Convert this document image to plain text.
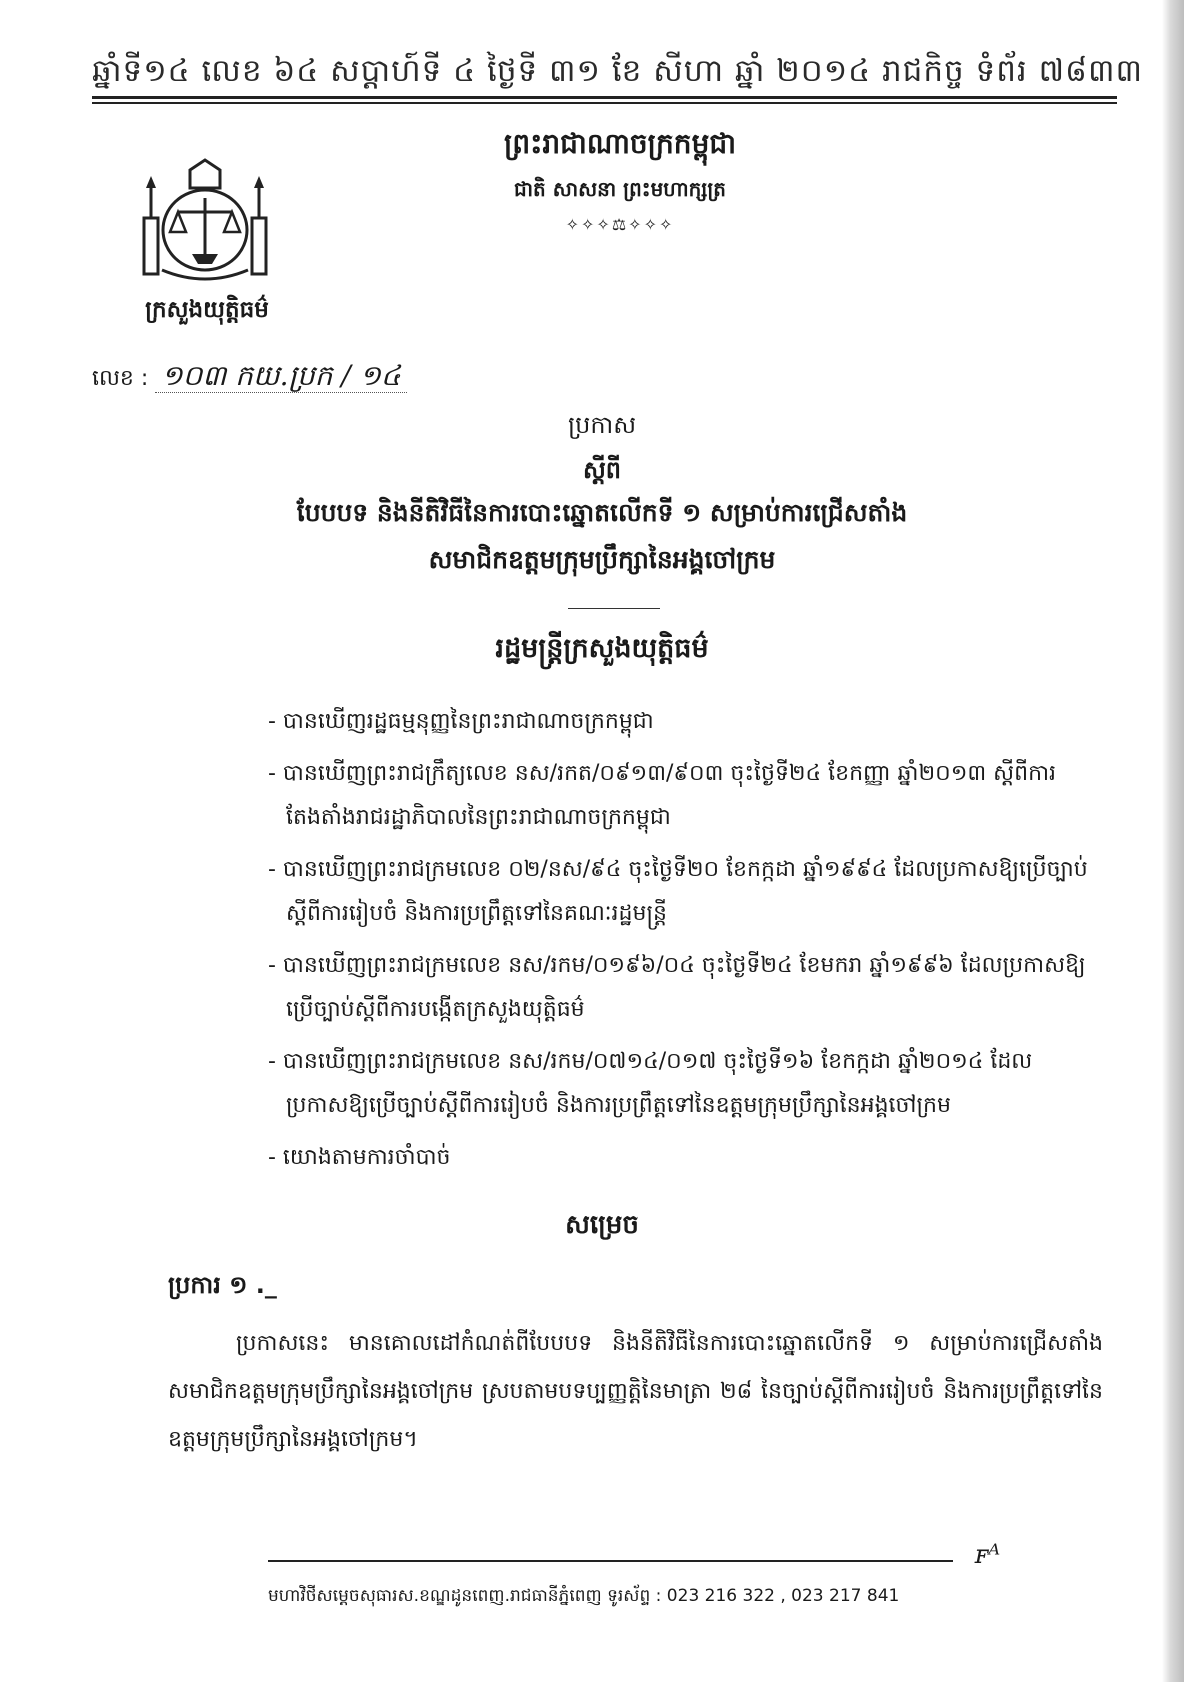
ឆ្នាំទី១៤ លេខ ៦៤ សប្តាហ៍ទី ៤ ថ្ងៃទី ៣១ ខែ សីហា ឆ្នាំ ២០១៤ រាជកិច្ច ទំព័រ ៧៨៣៣
ព្រះរាជាណាចក្រកម្ពុជា
ជាតិ សាសនា ព្រះមហាក្សត្រ
✧✧✧⚖✧✧✧
ក្រសួងយុត្តិធម៌
លេខ : ១០៣ កយ.ប្រក / ១៤
ប្រកាស
ស្តីពី
បែបបទ និងនីតិវិធីនៃការបោះឆ្នោតលើកទី ១ សម្រាប់ការជ្រើសតាំង
សមាជិកឧត្តមក្រុមប្រឹក្សានៃអង្គចៅក្រម
រដ្ឋមន្ត្រីក្រសួងយុត្តិធម៌
- បានឃើញរដ្ឋធម្មនុញ្ញនៃព្រះរាជាណាចក្រកម្ពុជា
- បានឃើញព្រះរាជក្រឹត្យលេខ នស/រកត/០៩១៣/៩០៣ ចុះថ្ងៃទី២៤ ខែកញ្ញា ឆ្នាំ២០១៣ ស្តីពីការតែងតាំងរាជរដ្ឋាភិបាលនៃព្រះរាជាណាចក្រកម្ពុជា
- បានឃើញព្រះរាជក្រមលេខ ០២/នស/៩៤ ចុះថ្ងៃទី២០ ខែកក្កដា ឆ្នាំ១៩៩៤ ដែលប្រកាសឱ្យប្រើច្បាប់ស្តីពីការរៀបចំ និងការប្រព្រឹត្តទៅនៃគណៈរដ្ឋមន្ត្រី
- បានឃើញព្រះរាជក្រមលេខ នស/រកម/០១៩៦/០៤ ចុះថ្ងៃទី២៤ ខែមករា ឆ្នាំ១៩៩៦ ដែលប្រកាសឱ្យប្រើច្បាប់ស្តីពីការបង្កើតក្រសួងយុត្តិធម៌
- បានឃើញព្រះរាជក្រមលេខ នស/រកម/០៧១៤/០១៧ ចុះថ្ងៃទី១៦ ខែកក្កដា ឆ្នាំ២០១៤ ដែលប្រកាសឱ្យប្រើច្បាប់ស្តីពីការរៀបចំ និងការប្រព្រឹត្តទៅនៃឧត្តមក្រុមប្រឹក្សានៃអង្គចៅក្រម
- យោងតាមការចាំបាច់
សម្រេច
ប្រការ ១ ._
ប្រកាសនេះ មានគោលដៅកំណត់ពីបែបបទ និងនីតិវិធីនៃការបោះឆ្នោតលើកទី ១ សម្រាប់ការជ្រើសតាំងសមាជិកឧត្តមក្រុមប្រឹក្សានៃអង្គចៅក្រម ស្របតាមបទប្បញ្ញត្តិនៃមាត្រា ២៨ នៃច្បាប់ស្តីពីការរៀបចំ និងការប្រព្រឹត្តទៅនៃឧត្តមក្រុមប្រឹក្សានៃអង្គចៅក្រម។
ꜰᴬ
មហាវិថីសម្តេចសុធារស.ខណ្ឌដូនពេញ.រាជធានីភ្នំពេញ ទូរស័ព្ទ : 023 216 322 , 023 217 841
